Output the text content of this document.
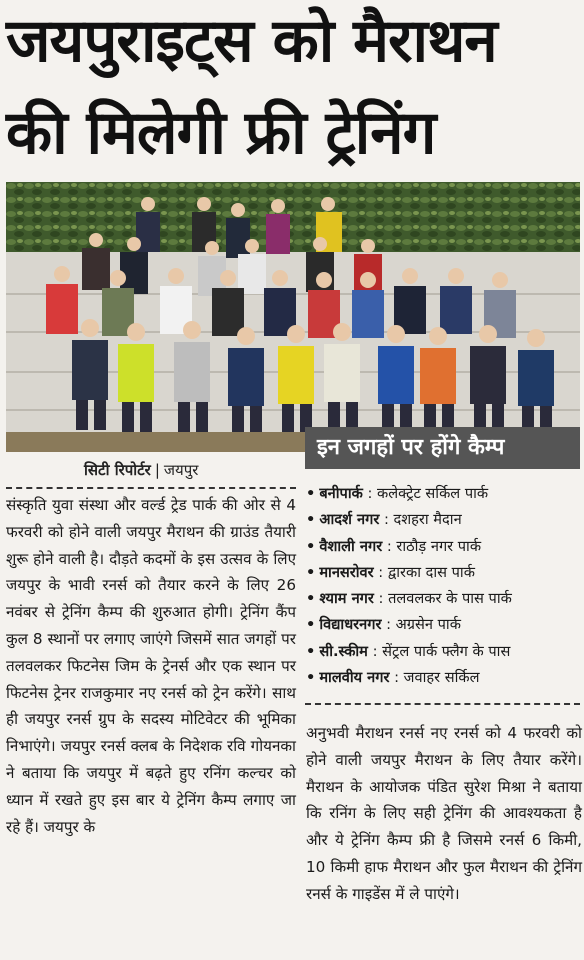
जयपुराइट्स को मैराथन
की मिलेगी फ्री ट्रेनिंग
इन जगहों पर होंगे कैम्प
सिटी रिपोर्टर | जयपुर

संस्कृति युवा संस्था और वर्ल्ड ट्रेड पार्क की ओर से 4 फरवरी को होने वाली जयपुर मैराथन की ग्राउंड तैयारी शुरू होने वाली है। दौड़ते कदमों के इस उत्सव के लिए जयपुर के भावी रनर्स को तैयार करने के लिए 26 नवंबर से ट्रेनिंग कैम्प की शुरुआत होगी। ट्रेनिंग कैंप कुल 8 स्थानों पर लगाए जाएंगे जिसमें सात जगहों पर तलवलकर फिटनेस जिम के ट्रेनर्स और एक स्थान पर फिटनेस ट्रेनर राजकुमार नए रनर्स को ट्रेन करेंगे। साथ ही जयपुर रनर्स ग्रुप के सदस्य मोटिवेटर की भूमिका निभाएंगे। जयपुर रनर्स क्लब के निदेशक रवि गोयनका ने बताया कि जयपुर में बढ़ते हुए रनिंग कल्चर को ध्यान में रखते हुए इस बार ये ट्रेनिंग कैम्प लगाए जा रहे हैं। जयपुर के

• बनीपार्क : कलेक्ट्रेट सर्किल पार्क
• आदर्श नगर : दशहरा मैदान
• वैशाली नगर : राठौड़ नगर पार्क
• मानसरोवर : द्वारका दास पार्क
• श्याम नगर : तलवलकर के पास पार्क
• विद्याधरनगर : अग्रसेन पार्क
• सी.स्कीम : सेंट्रल पार्क फ्लैग के पास
• मालवीय नगर : जवाहर सर्किल

अनुभवी मैराथन रनर्स नए रनर्स को 4 फरवरी को होने वाली जयपुर मैराथन के लिए तैयार करेंगे। मैराथन के आयोजक पंडित सुरेश मिश्रा ने बताया कि रनिंग के लिए सही ट्रेनिंग की आवश्यकता है और ये ट्रेनिंग कैम्प फ्री है जिसमे रनर्स 6 किमी, 10 किमी हाफ मैराथन और फुल मैराथन की ट्रेनिंग रनर्स के गाइडेंस में ले पाएंगे।
